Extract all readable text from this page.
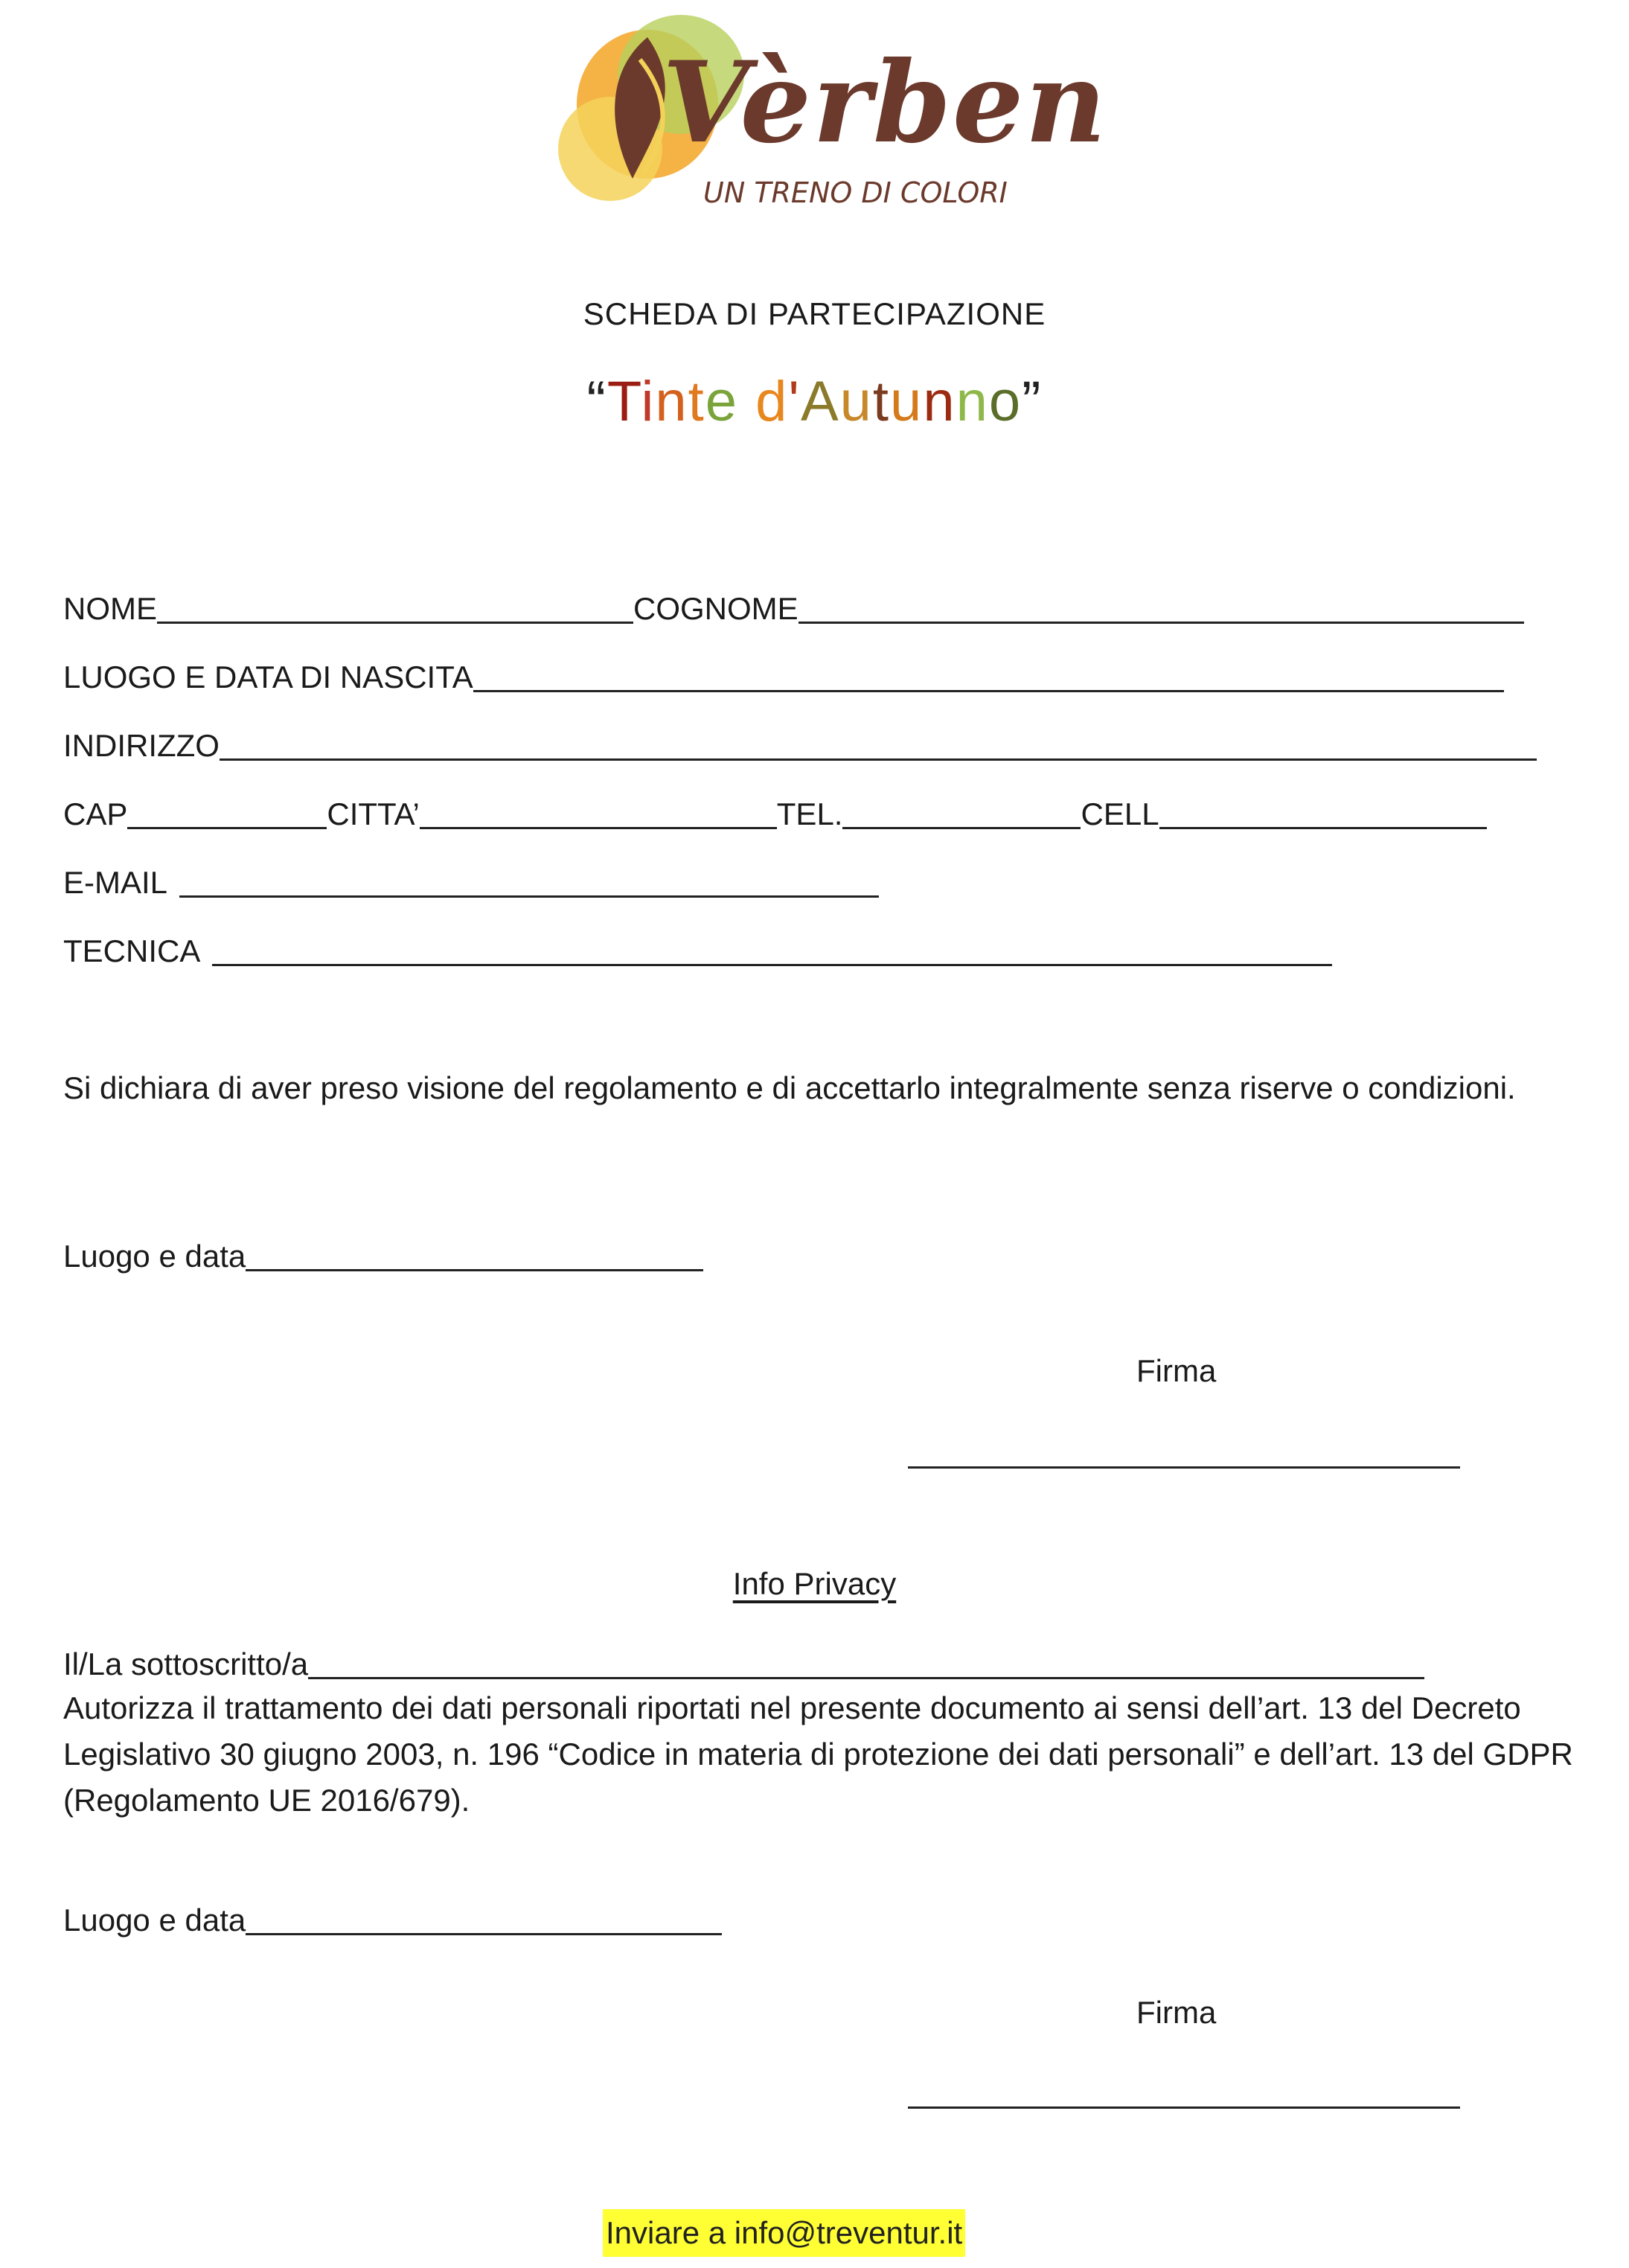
Vèrben
UN TRENO DI COLORI
SCHEDA DI PARTECIPAZIONE
“Tinte d'Autunno”
NOME	COGNOME
LUOGO E DATA DI NASCITA
INDIRIZZO
CAP	CITTA’	TEL.	CELL
E-MAIL
TECNICA
Si dichiara di aver preso visione del regolamento e di accettarlo integralmente senza riserve o condizioni.
Luogo e data
Firma
Info Privacy
Il/La sottoscritto/a
Autorizza il trattamento dei dati personali riportati nel presente documento ai sensi dell’art. 13 del Decreto Legislativo 30 giugno 2003, n. 196 “Codice in materia di protezione dei dati personali” e dell’art. 13 del GDPR (Regolamento UE 2016/679).
Luogo e data
Firma
Inviare a info@treventur.it
